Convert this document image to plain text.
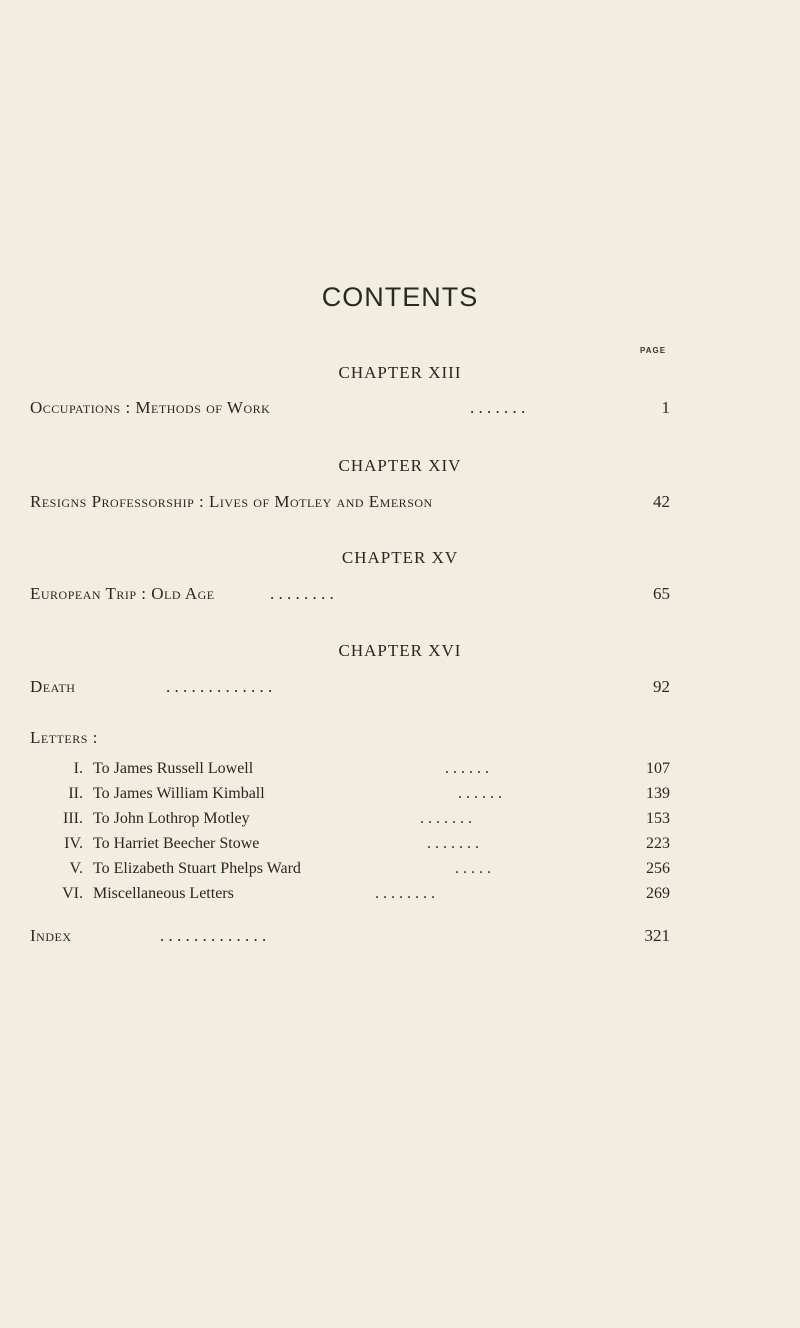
CONTENTS
PAGE
CHAPTER XIII
Occupations : Methods of Work	. . . . . . .	1
CHAPTER XIV
Resigns Professorship : Lives of Motley and Emerson	42
CHAPTER XV
European Trip : Old Age	. . . . . . . .	65
CHAPTER XVI
Death	. . . . . . . . . . . . .	92
Letters :
I. To James Russell Lowell	. . . . . .	107
II. To James William Kimball	. . . . . .	139
III. To John Lothrop Motley	. . . . . . .	153
IV. To Harriet Beecher Stowe	. . . . . . .	223
V. To Elizabeth Stuart Phelps Ward	. . . . .	256
VI. Miscellaneous Letters	. . . . . . . .	269
Index	. . . . . . . . . . . . .	321
